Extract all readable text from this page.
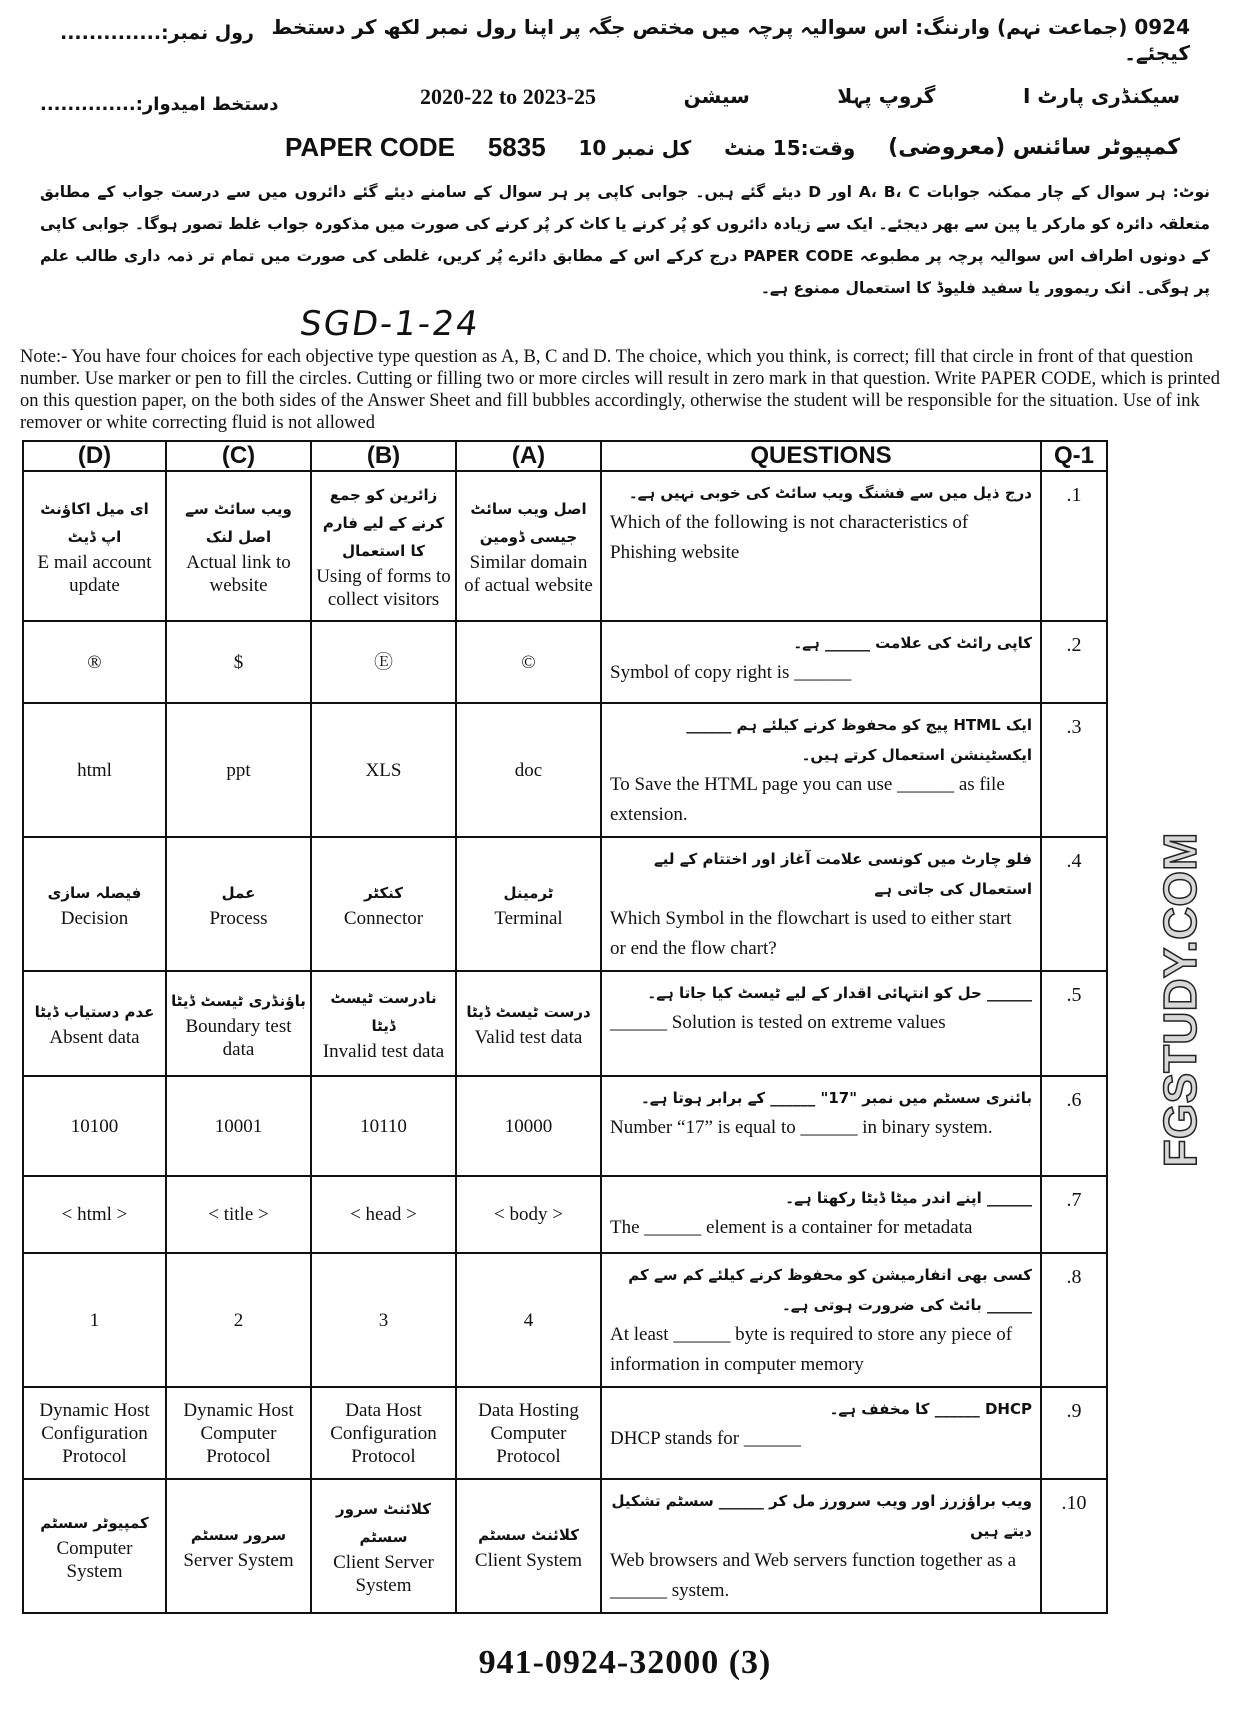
0924 (جماعت نہم) وارننگ: اس سوالیہ پرچہ میں مختص جگہ پر اپنا رول نمبر لکھ کر دستخط کیجئے۔
رول نمبر:..............
سیکنڈری پارٹ I
گروپ پہلا
سیشن
2020-22 to 2023-25
دستخط امیدوار:..............
کمپیوٹر سائنس (معروضی)
وقت:15 منٹ
کل نمبر 10
5835
PAPER CODE
نوٹ: ہر سوال کے چار ممکنہ جوابات A، B، C اور D دیئے گئے ہیں۔ جوابی کاپی پر ہر سوال کے سامنے دیئے گئے دائروں میں سے درست جواب کے مطابق متعلقہ دائرہ کو مارکر یا پین سے بھر دیجئے۔ ایک سے زیادہ دائروں کو پُر کرنے یا کاٹ کر پُر کرنے کی صورت میں مذکورہ جواب غلط تصور ہوگا۔ جوابی کاپی کے دونوں اطراف اس سوالیہ پرچہ پر مطبوعہ PAPER CODE درج کرکے اس کے مطابق دائرے پُر کریں، غلطی کی صورت میں تمام تر ذمہ داری طالب علم پر ہوگی۔ انک ریموور یا سفید فلیوڈ کا استعمال ممنوع ہے۔
SGD-1-24
Note:- You have four choices for each objective type question as A, B, C and D. The choice, which you think, is correct; fill that circle in front of that question number. Use marker or pen to fill the circles. Cutting or filling two or more circles will result in zero mark in that question. Write PAPER CODE, which is printed on this question paper, on the both sides of the Answer Sheet and fill bubbles accordingly, otherwise the student will be responsible for the situation. Use of ink remover or white correcting fluid is not allowed
(D)	(C)	(B)	(A)	QUESTIONS	Q-1

ای میل اکاؤنٹ اپ ڈیٹ
E mail account update	ویب سائٹ سے اصل لنک
Actual link to website	زائرین کو جمع کرنے کے لیے فارم کا استعمال
Using of forms to collect visitors	اصل ویب سائٹ جیسی ڈومین
Similar domain of actual website	درج ذیل میں سے فشنگ ویب سائٹ کی خوبی نہیں ہے۔
Which of the following is not characteristics of Phishing website	.1

®	$	Ⓔ	©	کاپی رائٹ کی علامت ______ ہے۔
Symbol of copy right is ______	.2

html	ppt	XLS	doc	ایک HTML پیج کو محفوظ کرنے کیلئے ہم ______ ایکسٹینشن استعمال کرتے ہیں۔
To Save the HTML page you can use ______ as file extension.	.3

فیصلہ سازی
Decision	عمل
Process	کنکٹر
Connector	ٹرمینل
Terminal	فلو چارٹ میں کونسی علامت آغاز اور اختتام کے لیے استعمال کی جاتی ہے
Which Symbol in the flowchart is used to either start or end the flow chart?	.4

عدم دستیاب ڈیٹا
Absent data	باؤنڈری ٹیسٹ ڈیٹا
Boundary test data	نادرست ٹیسٹ ڈیٹا
Invalid test data	درست ٹیسٹ ڈیٹا
Valid test data	______ حل کو انتہائی اقدار کے لیے ٹیسٹ کیا جاتا ہے۔
______ Solution is tested on extreme values	.5

10100	10001	10110	10000	بائنری سسٹم میں نمبر "17" ______ کے برابر ہوتا ہے۔
Number “17” is equal to ______ in binary system.	.6

< html >	< title >	< head >	< body >	______ اپنے اندر میٹا ڈیٹا رکھتا ہے۔
The ______ element is a container for metadata	.7

1	2	3	4	کسی بھی انفارمیشن کو محفوظ کرنے کیلئے کم سے کم ______ بائٹ کی ضرورت ہوتی ہے۔
At least ______ byte is required to store any piece of information in computer memory	.8

Dynamic Host Configuration Protocol	Dynamic Host Computer Protocol	Data Host Configuration Protocol	Data Hosting Computer Protocol	DHCP ______ کا مخفف ہے۔
DHCP stands for ______	.9

کمپیوٹر سسٹم
Computer System	سرور سسٹم
Server System	کلائنٹ سرور سسٹم
Client Server System	کلائنٹ سسٹم
Client System	ویب براؤزرز اور ویب سرورز مل کر ______ سسٹم تشکیل دیتے ہیں
Web browsers and Web servers function together as a ______ system.	.10
941-0924-32000 (3)
FGSTUDY.COM
